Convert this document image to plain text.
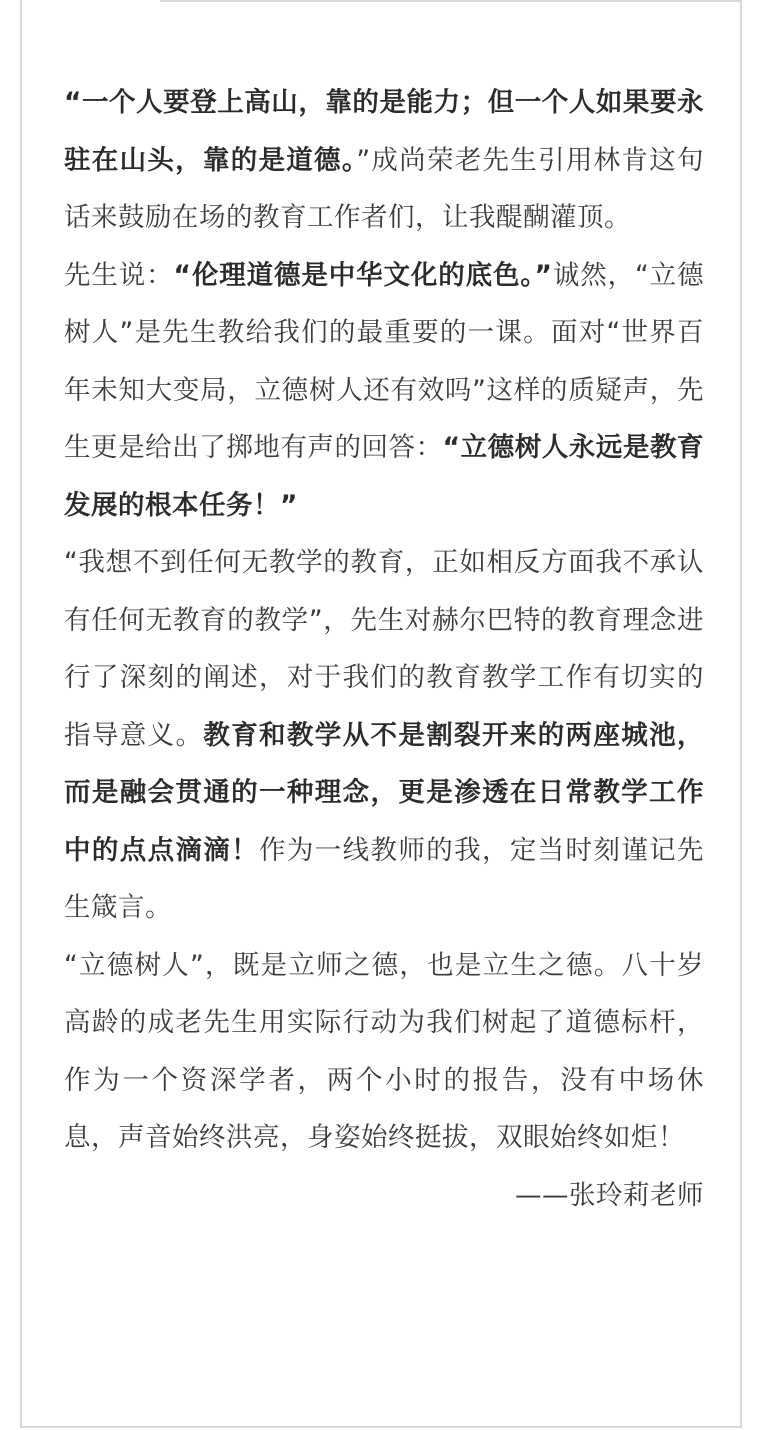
“一个人要登上高山，靠的是能力；但一个人如果要永驻在山头，靠的是道德。”成尚荣老先生引用林肯这句话来鼓励在场的教育工作者们，让我醍醐灌顶。

先生说：“伦理道德是中华文化的底色。”诚然，“立德树人”是先生教给我们的最重要的一课。面对“世界百年未知大变局，立德树人还有效吗”这样的质疑声，先生更是给出了掷地有声的回答：“立德树人永远是教育发展的根本任务！”

“我想不到任何无教学的教育，正如相反方面我不承认有任何无教育的教学”，先生对赫尔巴特的教育理念进行了深刻的阐述，对于我们的教育教学工作有切实的指导意义。教育和教学从不是割裂开来的两座城池，而是融会贯通的一种理念，更是渗透在日常教学工作中的点点滴滴！作为一线教师的我，定当时刻谨记先生箴言。

“立德树人”，既是立师之德，也是立生之德。八十岁高龄的成老先生用实际行动为我们树起了道德标杆，作为一个资深学者，两个小时的报告，没有中场休息，声音始终洪亮，身姿始终挺拔，双眼始终如炬！

——张玲莉老师
